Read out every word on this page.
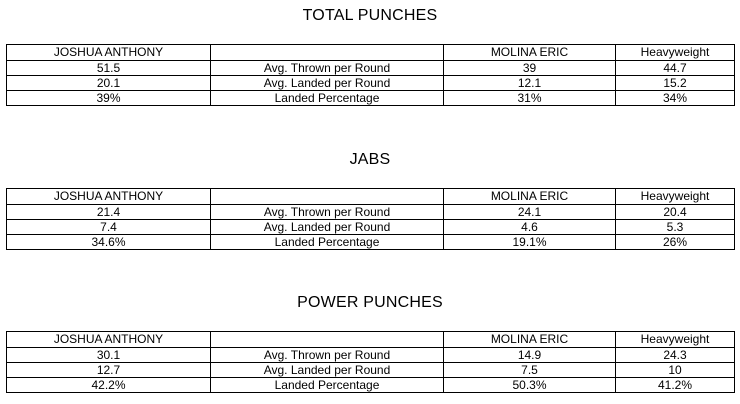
TOTAL PUNCHES
JOSHUA ANTHONY		MOLINA ERIC	Heavyweight
51.5	Avg. Thrown per Round	39	44.7
20.1	Avg. Landed per Round	12.1	15.2
39%	Landed Percentage	31%	34%
JABS
JOSHUA ANTHONY		MOLINA ERIC	Heavyweight
21.4	Avg. Thrown per Round	24.1	20.4
7.4	Avg. Landed per Round	4.6	5.3
34.6%	Landed Percentage	19.1%	26%
POWER PUNCHES
JOSHUA ANTHONY		MOLINA ERIC	Heavyweight
30.1	Avg. Thrown per Round	14.9	24.3
12.7	Avg. Landed per Round	7.5	10
42.2%	Landed Percentage	50.3%	41.2%
